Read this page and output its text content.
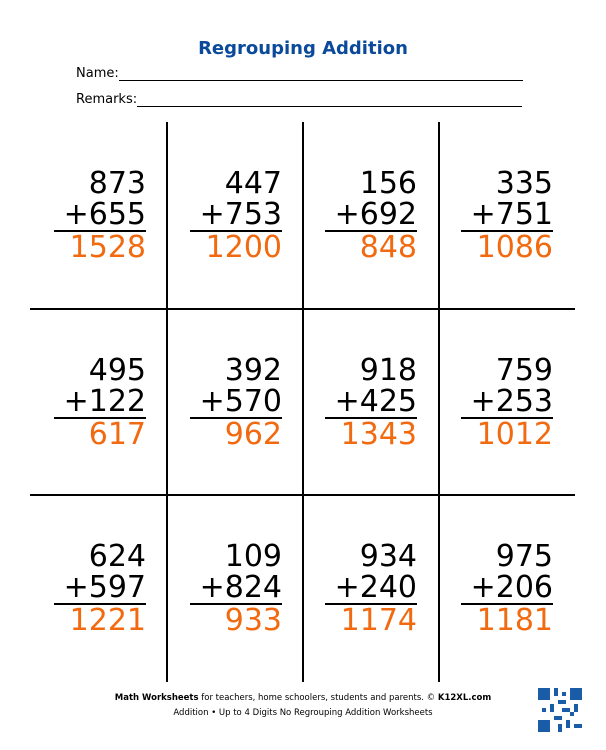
Regrouping Addition
Name:
Remarks:
873
+655
1528
447
+753
1200
156
+692
848
335
+751
1086
495
+122
617
392
+570
962
918
+425
1343
759
+253
1012
624
+597
1221
109
+824
933
934
+240
1174
975
+206
1181
Math Worksheets for teachers, home schoolers, students and parents. © K12XL.com
Addition • Up to 4 Digits No Regrouping Addition Worksheets
